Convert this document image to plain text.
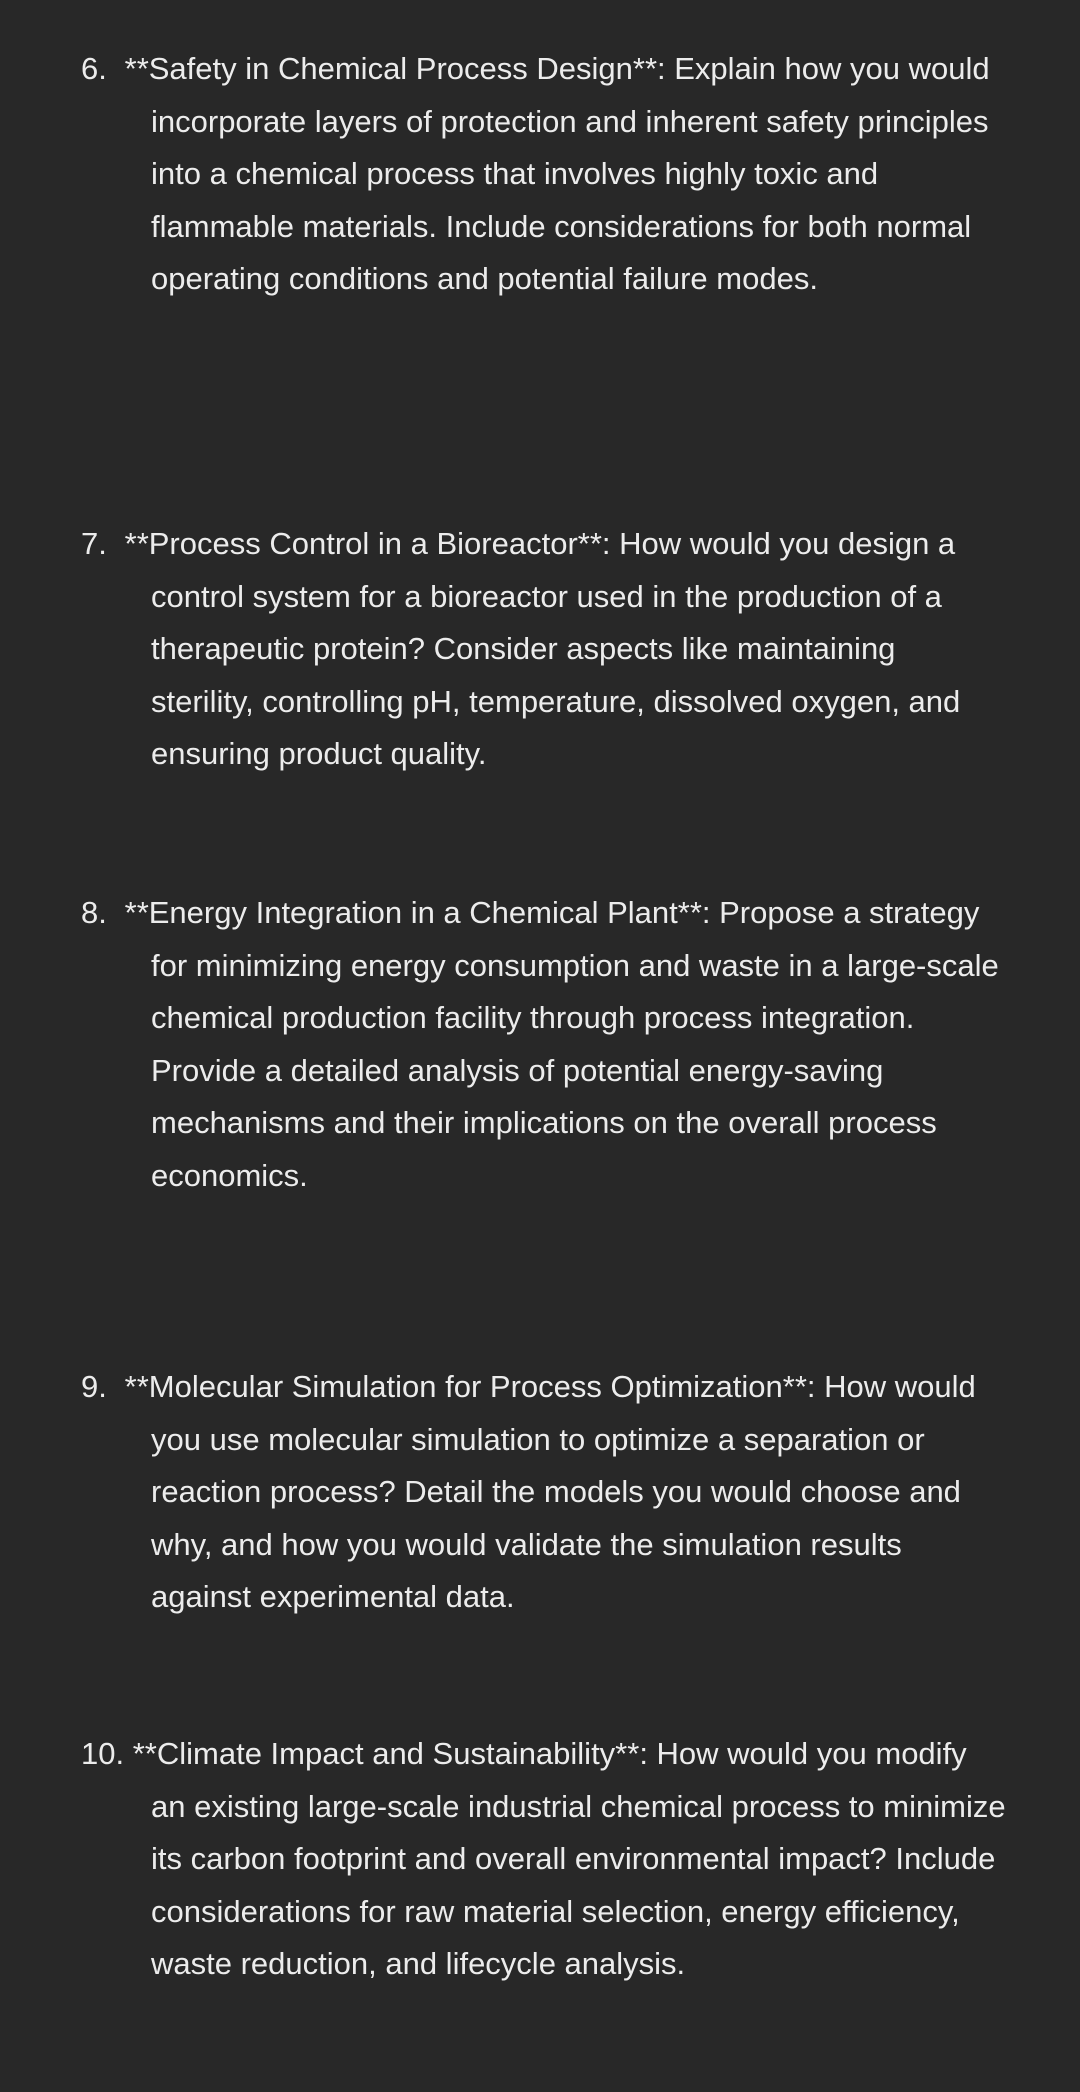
6. **Safety in Chemical Process Design**: Explain how you would incorporate layers of protection and inherent safety principles into a chemical process that involves highly toxic and flammable materials. Include considerations for both normal operating conditions and potential failure modes.

7. **Process Control in a Bioreactor**: How would you design a control system for a bioreactor used in the production of a therapeutic protein? Consider aspects like maintaining sterility, controlling pH, temperature, dissolved oxygen, and ensuring product quality.

8. **Energy Integration in a Chemical Plant**: Propose a strategy for minimizing energy consumption and waste in a large-scale chemical production facility through process integration. Provide a detailed analysis of potential energy-saving mechanisms and their implications on the overall process economics.

9. **Molecular Simulation for Process Optimization**: How would you use molecular simulation to optimize a separation or reaction process? Detail the models you would choose and why, and how you would validate the simulation results against experimental data.

10. **Climate Impact and Sustainability**: How would you modify an existing large-scale industrial chemical process to minimize its carbon footprint and overall environmental impact? Include considerations for raw material selection, energy efficiency, waste reduction, and lifecycle analysis.
